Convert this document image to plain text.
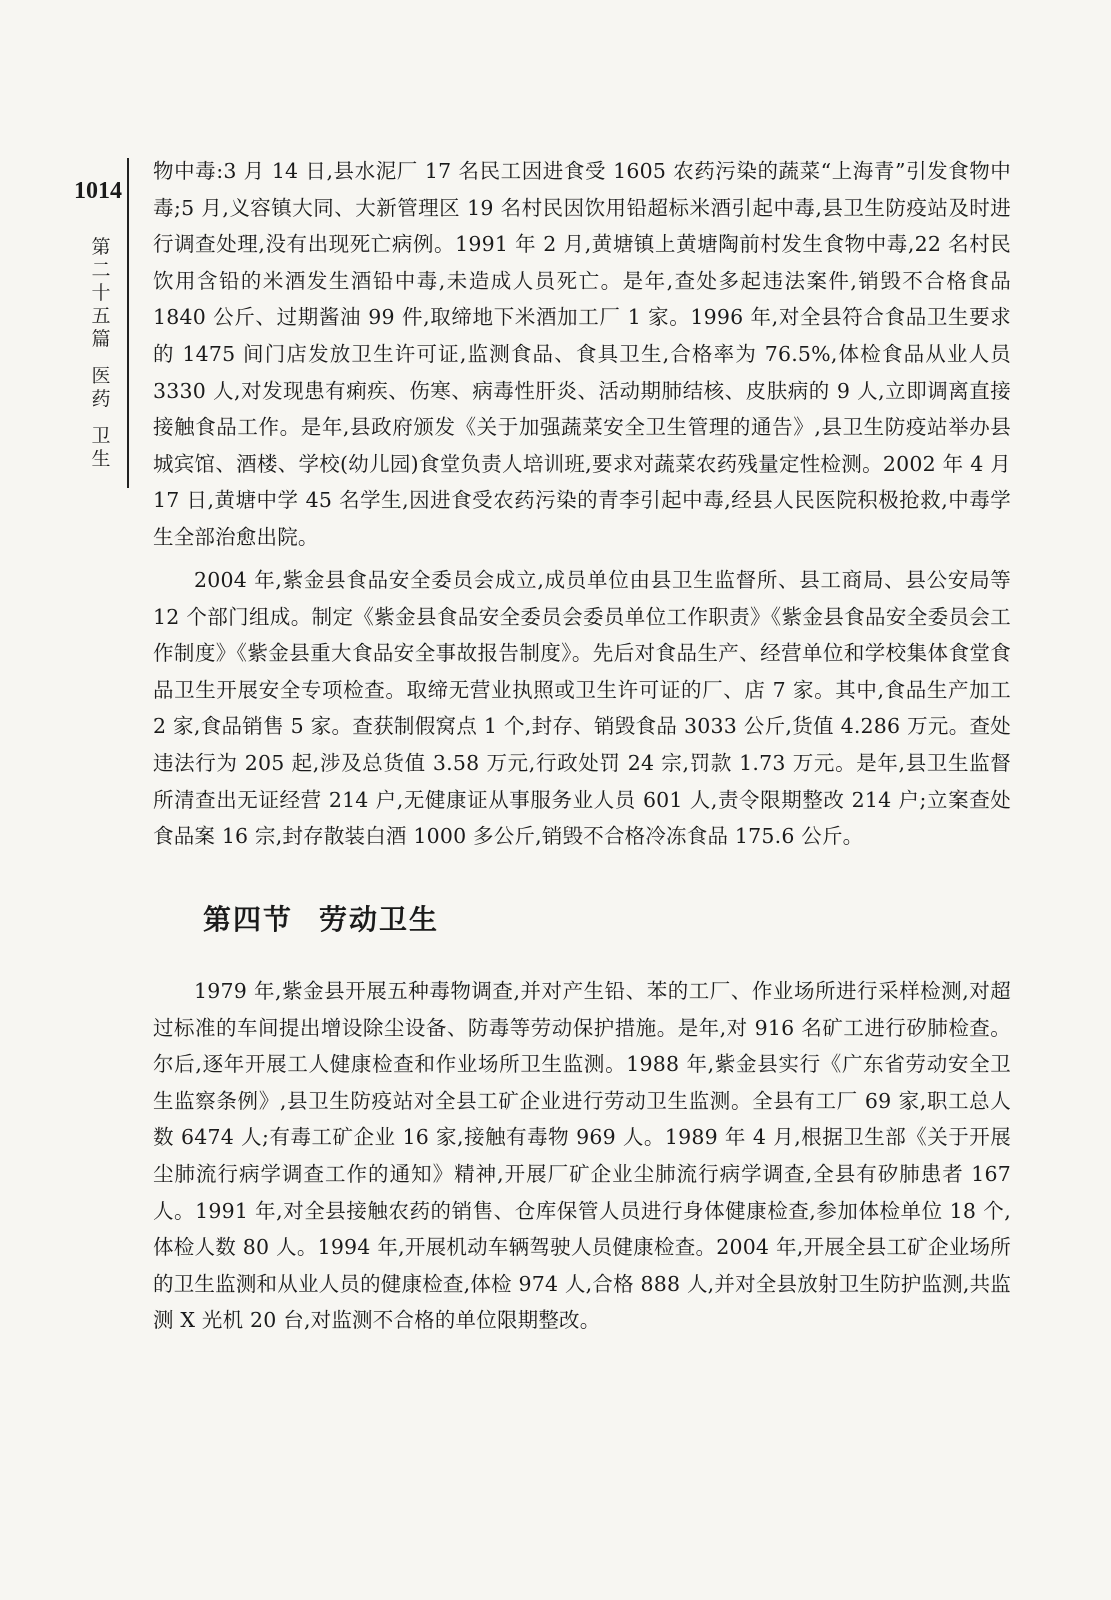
1014
第
二
十
五
篇
医
药
卫
生

物中毒:3 月 14 日,县水泥厂 17 名民工因进食受 1605 农药污染的蔬菜“上海青”引发食物中毒;5 月,义容镇大同、大新管理区 19 名村民因饮用铅超标米酒引起中毒,县卫生防疫站及时进行调查处理,没有出现死亡病例。1991 年 2 月,黄塘镇上黄塘陶前村发生食物中毒,22 名村民饮用含铅的米酒发生酒铅中毒,未造成人员死亡。是年,查处多起违法案件,销毁不合格食品 1840 公斤、过期酱油 99 件,取缔地下米酒加工厂 1 家。1996 年,对全县符合食品卫生要求的 1475 间门店发放卫生许可证,监测食品、食具卫生,合格率为 76.5%,体检食品从业人员 3330 人,对发现患有痢疾、伤寒、病毒性肝炎、活动期肺结核、皮肤病的 9 人,立即调离直接接触食品工作。是年,县政府颁发《关于加强蔬菜安全卫生管理的通告》,县卫生防疫站举办县城宾馆、酒楼、学校(幼儿园)食堂负责人培训班,要求对蔬菜农药残量定性检测。2002 年 4 月 17 日,黄塘中学 45 名学生,因进食受农药污染的青李引起中毒,经县人民医院积极抢救,中毒学生全部治愈出院。

2004 年,紫金县食品安全委员会成立,成员单位由县卫生监督所、县工商局、县公安局等 12 个部门组成。制定《紫金县食品安全委员会委员单位工作职责》《紫金县食品安全委员会工作制度》《紫金县重大食品安全事故报告制度》。先后对食品生产、经营单位和学校集体食堂食品卫生开展安全专项检查。取缔无营业执照或卫生许可证的厂、店 7 家。其中,食品生产加工 2 家,食品销售 5 家。查获制假窝点 1 个,封存、销毁食品 3033 公斤,货值 4.286 万元。查处违法行为 205 起,涉及总货值 3.58 万元,行政处罚 24 宗,罚款 1.73 万元。是年,县卫生监督所清查出无证经营 214 户,无健康证从事服务业人员 601 人,责令限期整改 214 户;立案查处食品案 16 宗,封存散装白酒 1000 多公斤,销毁不合格冷冻食品 175.6 公斤。

第四节 劳动卫生

1979 年,紫金县开展五种毒物调查,并对产生铅、苯的工厂、作业场所进行采样检测,对超过标准的车间提出增设除尘设备、防毒等劳动保护措施。是年,对 916 名矿工进行矽肺检查。尔后,逐年开展工人健康检查和作业场所卫生监测。1988 年,紫金县实行《广东省劳动安全卫生监察条例》,县卫生防疫站对全县工矿企业进行劳动卫生监测。全县有工厂 69 家,职工总人数 6474 人;有毒工矿企业 16 家,接触有毒物 969 人。1989 年 4 月,根据卫生部《关于开展尘肺流行病学调查工作的通知》精神,开展厂矿企业尘肺流行病学调查,全县有矽肺患者 167 人。1991 年,对全县接触农药的销售、仓库保管人员进行身体健康检查,参加体检单位 18 个,体检人数 80 人。1994 年,开展机动车辆驾驶人员健康检查。2004 年,开展全县工矿企业场所的卫生监测和从业人员的健康检查,体检 974 人,合格 888 人,并对全县放射卫生防护监测,共监测 X 光机 20 台,对监测不合格的单位限期整改。
